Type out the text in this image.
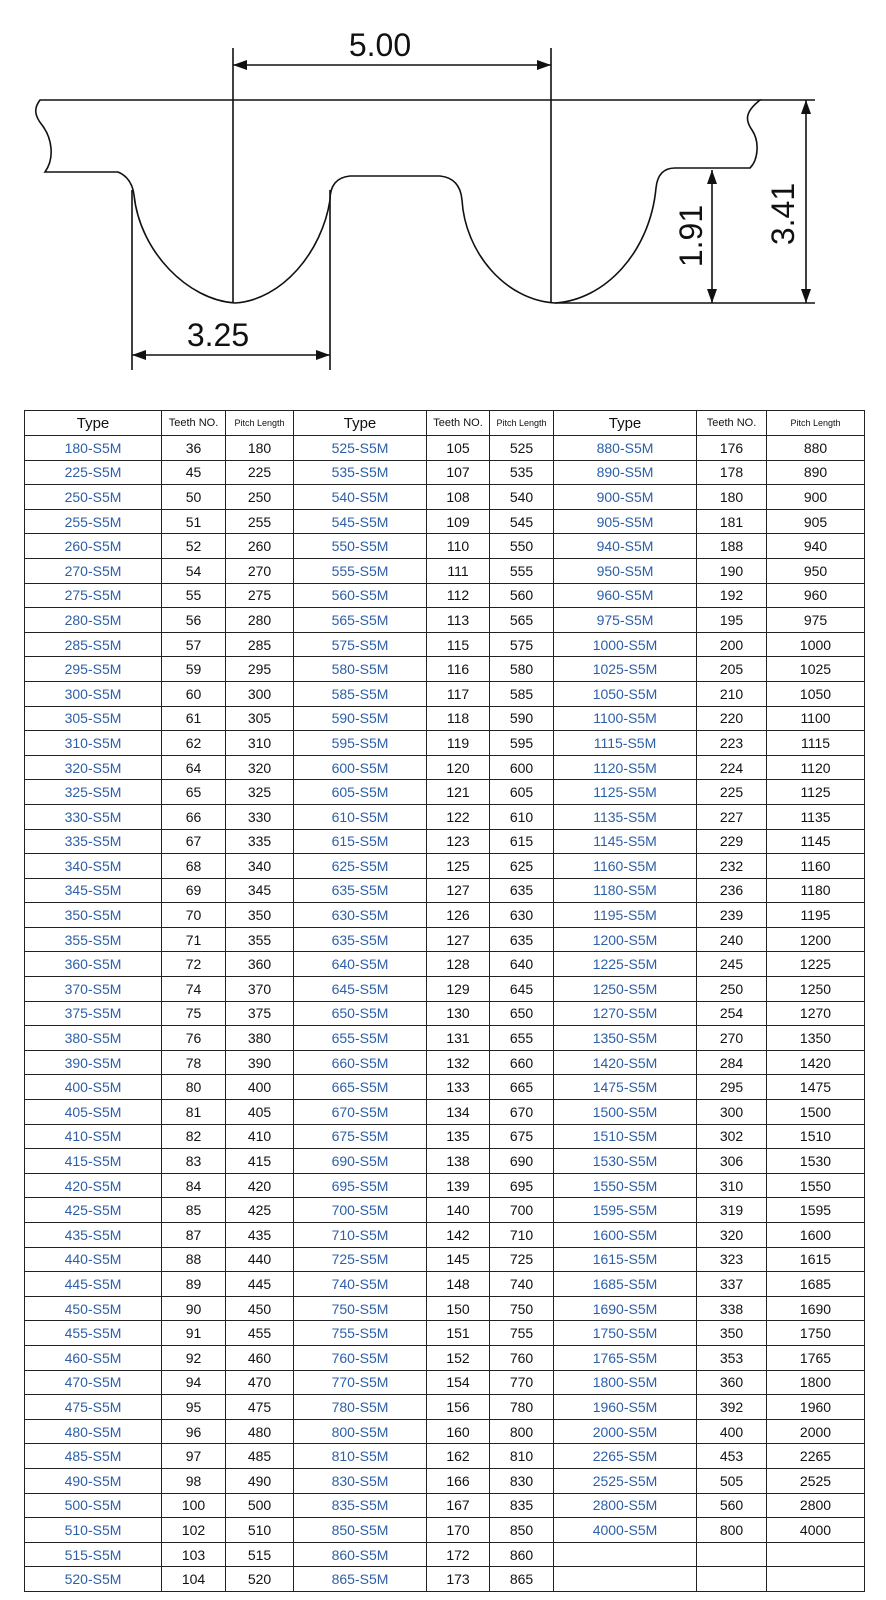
5.00
3.25
1.91 3.41
Type	Teeth NO.	Pitch Length	Type	Teeth NO.	Pitch Length	Type	Teeth NO.	Pitch Length
180-S5M	36	180	525-S5M	105	525	880-S5M	176	880
225-S5M	45	225	535-S5M	107	535	890-S5M	178	890
250-S5M	50	250	540-S5M	108	540	900-S5M	180	900
255-S5M	51	255	545-S5M	109	545	905-S5M	181	905
260-S5M	52	260	550-S5M	110	550	940-S5M	188	940
270-S5M	54	270	555-S5M	111	555	950-S5M	190	950
275-S5M	55	275	560-S5M	112	560	960-S5M	192	960
280-S5M	56	280	565-S5M	113	565	975-S5M	195	975
285-S5M	57	285	575-S5M	115	575	1000-S5M	200	1000
295-S5M	59	295	580-S5M	116	580	1025-S5M	205	1025
300-S5M	60	300	585-S5M	117	585	1050-S5M	210	1050
305-S5M	61	305	590-S5M	118	590	1100-S5M	220	1100
310-S5M	62	310	595-S5M	119	595	1115-S5M	223	1115
320-S5M	64	320	600-S5M	120	600	1120-S5M	224	1120
325-S5M	65	325	605-S5M	121	605	1125-S5M	225	1125
330-S5M	66	330	610-S5M	122	610	1135-S5M	227	1135
335-S5M	67	335	615-S5M	123	615	1145-S5M	229	1145
340-S5M	68	340	625-S5M	125	625	1160-S5M	232	1160
345-S5M	69	345	635-S5M	127	635	1180-S5M	236	1180
350-S5M	70	350	630-S5M	126	630	1195-S5M	239	1195
355-S5M	71	355	635-S5M	127	635	1200-S5M	240	1200
360-S5M	72	360	640-S5M	128	640	1225-S5M	245	1225
370-S5M	74	370	645-S5M	129	645	1250-S5M	250	1250
375-S5M	75	375	650-S5M	130	650	1270-S5M	254	1270
380-S5M	76	380	655-S5M	131	655	1350-S5M	270	1350
390-S5M	78	390	660-S5M	132	660	1420-S5M	284	1420
400-S5M	80	400	665-S5M	133	665	1475-S5M	295	1475
405-S5M	81	405	670-S5M	134	670	1500-S5M	300	1500
410-S5M	82	410	675-S5M	135	675	1510-S5M	302	1510
415-S5M	83	415	690-S5M	138	690	1530-S5M	306	1530
420-S5M	84	420	695-S5M	139	695	1550-S5M	310	1550
425-S5M	85	425	700-S5M	140	700	1595-S5M	319	1595
435-S5M	87	435	710-S5M	142	710	1600-S5M	320	1600
440-S5M	88	440	725-S5M	145	725	1615-S5M	323	1615
445-S5M	89	445	740-S5M	148	740	1685-S5M	337	1685
450-S5M	90	450	750-S5M	150	750	1690-S5M	338	1690
455-S5M	91	455	755-S5M	151	755	1750-S5M	350	1750
460-S5M	92	460	760-S5M	152	760	1765-S5M	353	1765
470-S5M	94	470	770-S5M	154	770	1800-S5M	360	1800
475-S5M	95	475	780-S5M	156	780	1960-S5M	392	1960
480-S5M	96	480	800-S5M	160	800	2000-S5M	400	2000
485-S5M	97	485	810-S5M	162	810	2265-S5M	453	2265
490-S5M	98	490	830-S5M	166	830	2525-S5M	505	2525
500-S5M	100	500	835-S5M	167	835	2800-S5M	560	2800
510-S5M	102	510	850-S5M	170	850	4000-S5M	800	4000
515-S5M	103	515	860-S5M	172	860			
520-S5M	104	520	865-S5M	173	865			
